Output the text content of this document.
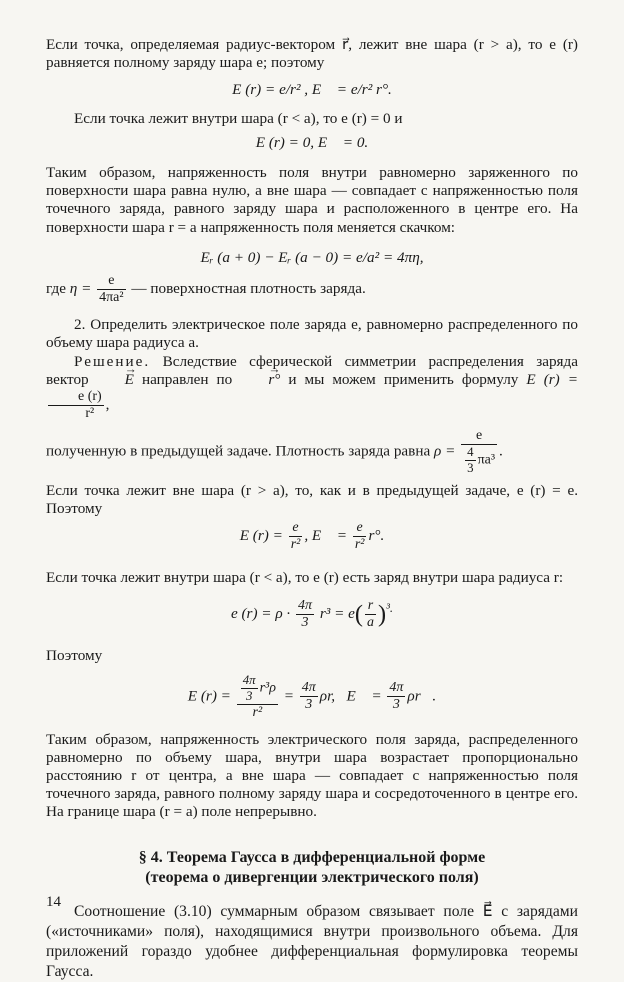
Если точка, определяемая радиус-вектором r⃗, лежит вне шара (r > a), то e (r) равняется полному заряду шара e; поэтому

E (r) = e/r² , E⃗ = e/r² r°.

Если точка лежит внутри шара (r < a), то e (r) = 0 и

E (r) = 0, E⃗ = 0.

Таким образом, напряженность поля внутри равномерно заряженного по поверхности шара равна нулю, а вне шара — совпадает с напряженностью поля точечного заряда, равного заряду шара и расположенного в центре его. На поверхности шара r = a напряженность поля меняется скачком:

Eᵣ (a + 0) − Eᵣ (a − 0) = e/a² = 4πη,

где $\eta = \frac{e}{\text{4πa²}}$ — поверхностная плотность заряда.

2. Определить электрическое поле заряда e, равномерно распределенного по объему шара радиуса a.

Решение. Вследствие сферической симметрии распределения заряда вектор → E направлен по → r° и мы можем применить формулу E (r) =
$\frac{e (r)}{\text{r²}}$ ,

полученную в предыдущей задаче. Плотность заряда равна $\rho = \frac{e}{\frac{4}{3} \pi a^3}$ .

Если точка лежит вне шара (r > a), то, как и в предыдущей задаче, e (r) = e. Поэтому

E $(r) = \frac{e}{\text{r²}}$ , E⃗ = $\frac{e}{\text{r²}} r^\circ$.

Если точка лежит внутри шара (r < a), то e (r) есть заряд внутри шара радиуса r:

e $(r) = \rho \cdot \frac{4\pi}{3} r^3 = e( \frac{r}{a} )^{^3.}$

Поэтому

E $(r) = \frac{\frac{4\pi}{3} r^3\rho}{\text{r²}} = \frac{4\pi}{3} \rho r$, E⃗ = $\frac{4\pi}{3}$ ρr⃗.

Таким образом, напряженность электрического поля заряда, распределенного равномерно по объему шара, внутри шара возрастает пропорционально расстоянию r от центра, а вне шара — совпадает с напряженностью поля точечного заряда, равного полному заряду шара и сосредоточенного в центре его. На границе шара (r = a) поле непрерывно.

§ 4. Теорема Гаусса в дифференциальной форме
(теорема о дивергенции электрического поля)

Соотношение (3.10) суммарным образом связывает поле E⃗ с зарядами («источниками» поля), находящимися внутри произвольного объема. Для приложений гораздо удобнее дифференциальная формулировка теоремы Гаусса.

14
